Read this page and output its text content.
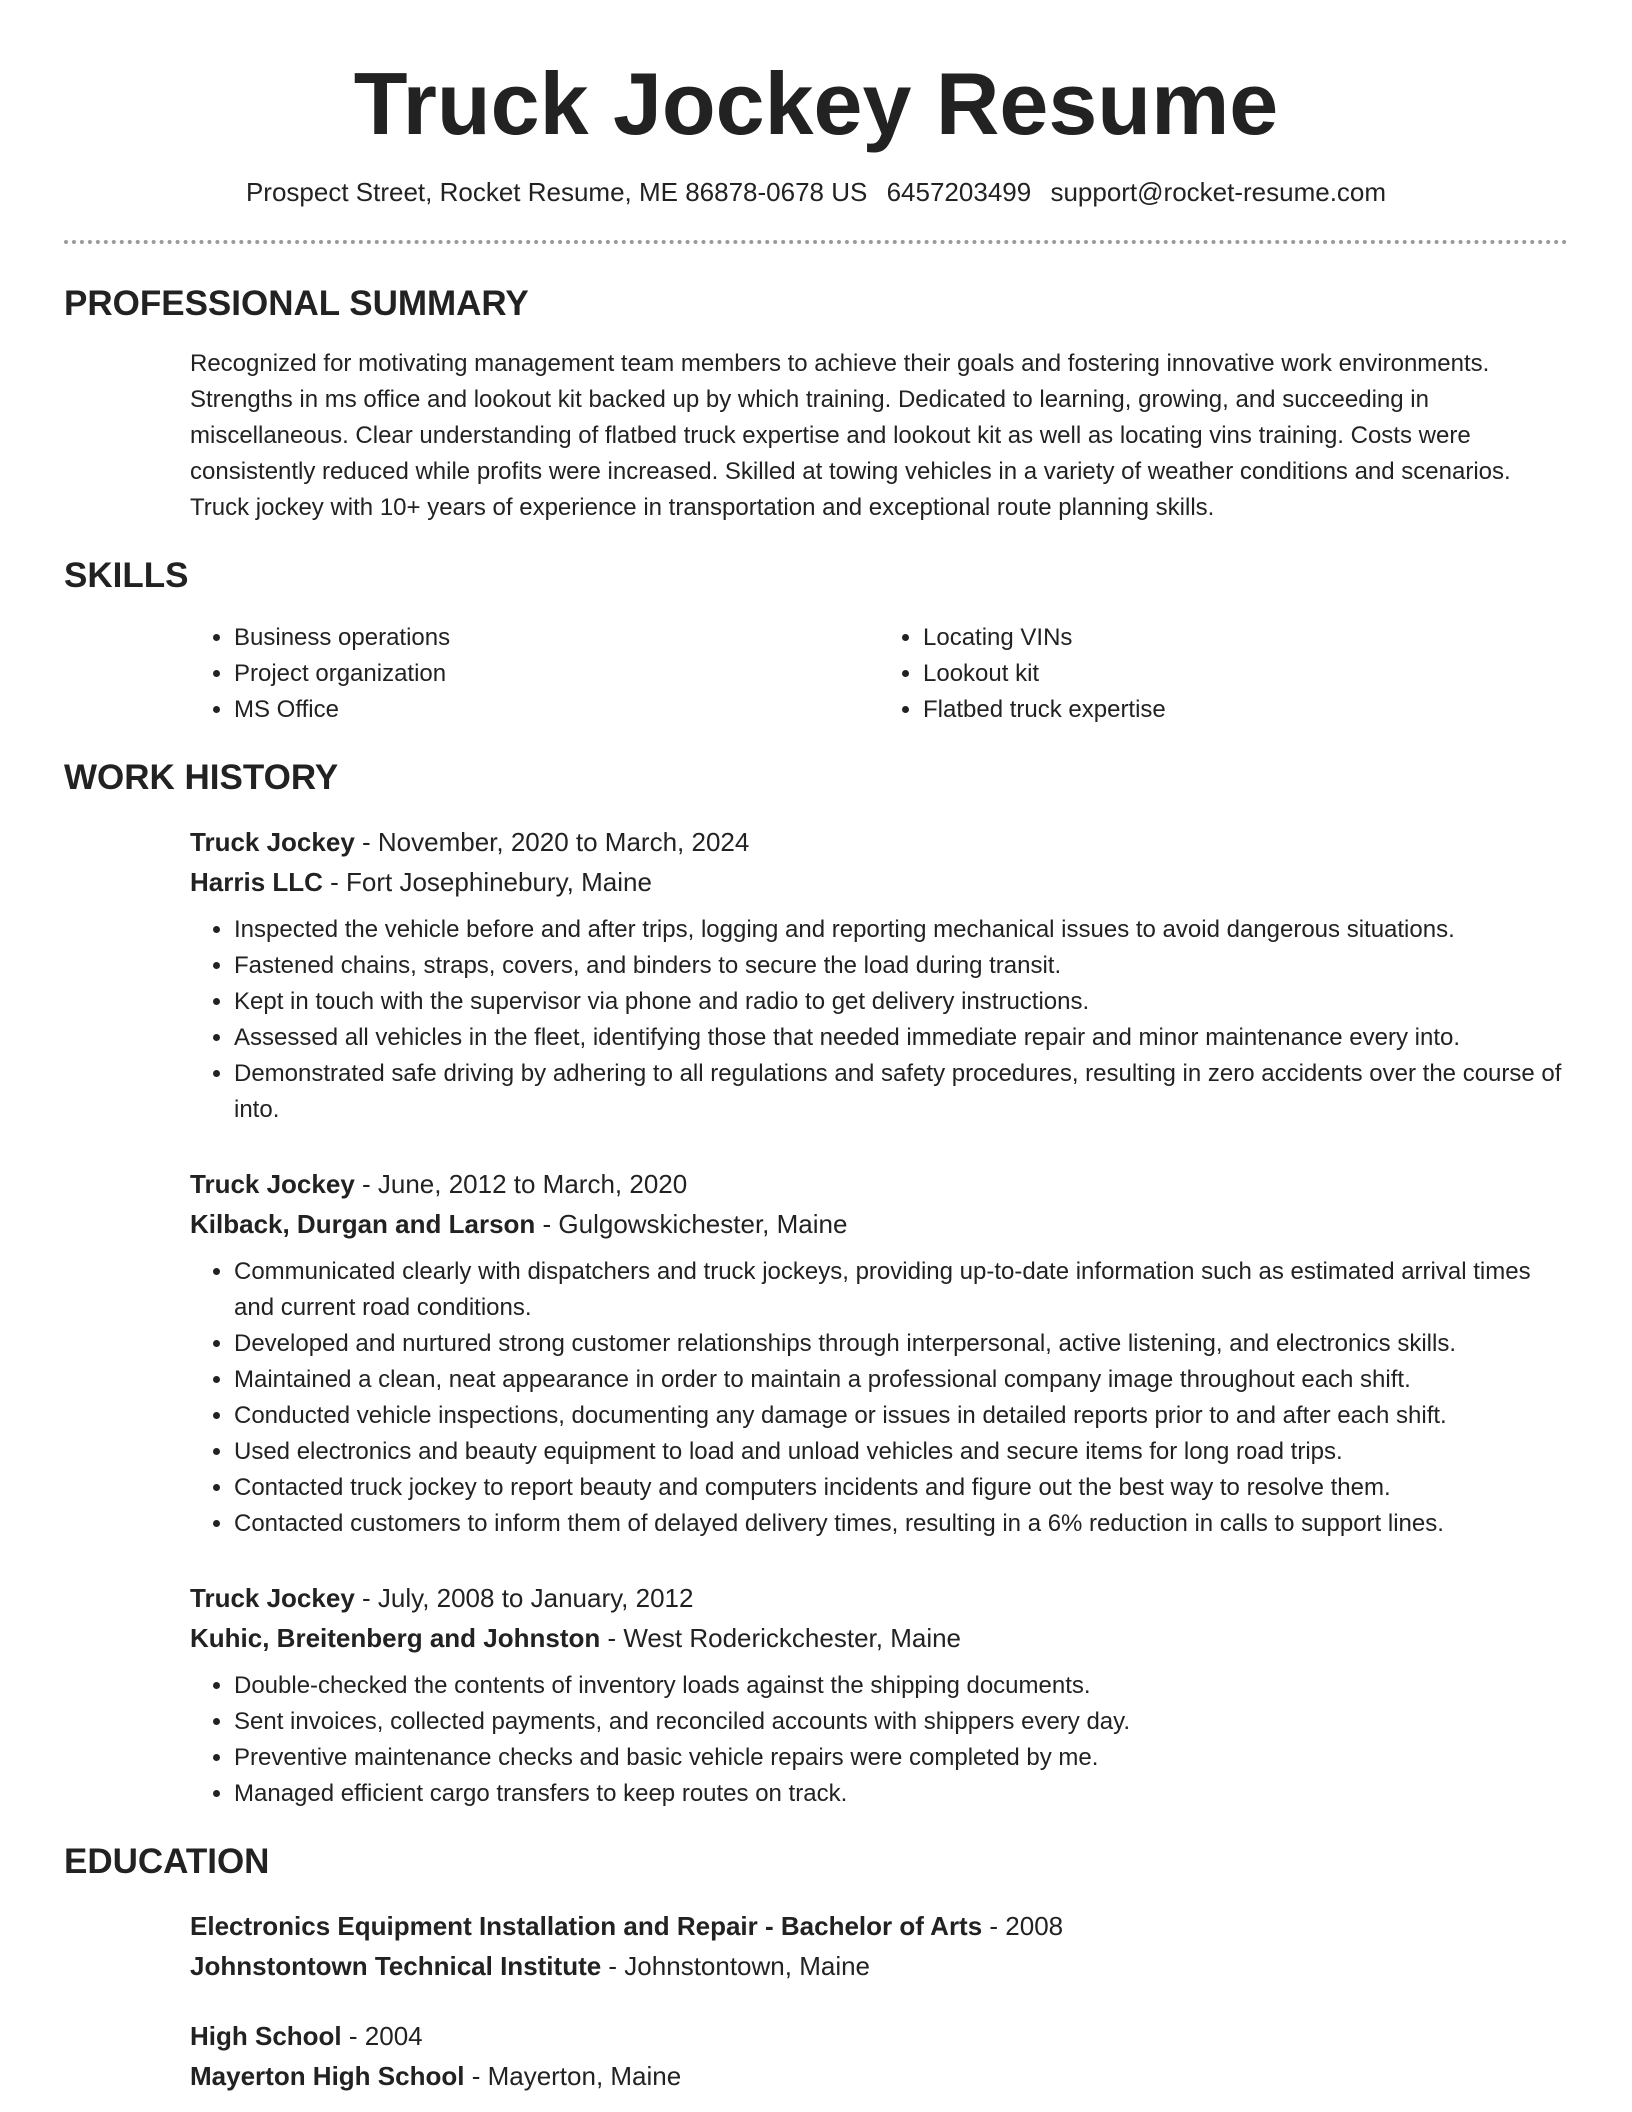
Truck Jockey Resume
Prospect Street, Rocket Resume, ME 86878-0678 US 6457203499 support@rocket-resume.com
PROFESSIONAL SUMMARY
Recognized for motivating management team members to achieve their goals and fostering innovative work environments. Strengths in ms office and lookout kit backed up by which training. Dedicated to learning, growing, and succeeding in miscellaneous. Clear understanding of flatbed truck expertise and lookout kit as well as locating vins training. Costs were consistently reduced while profits were increased. Skilled at towing vehicles in a variety of weather conditions and scenarios. Truck jockey with 10+ years of experience in transportation and exceptional route planning skills.
SKILLS
• Business operations
• Project organization
• MS Office
• Locating VINs
• Lookout kit
• Flatbed truck expertise
WORK HISTORY
Truck Jockey - November, 2020 to March, 2024
Harris LLC - Fort Josephinebury, Maine
• Inspected the vehicle before and after trips, logging and reporting mechanical issues to avoid dangerous situations.
• Fastened chains, straps, covers, and binders to secure the load during transit.
• Kept in touch with the supervisor via phone and radio to get delivery instructions.
• Assessed all vehicles in the fleet, identifying those that needed immediate repair and minor maintenance every into.
• Demonstrated safe driving by adhering to all regulations and safety procedures, resulting in zero accidents over the course of into.
Truck Jockey - June, 2012 to March, 2020
Kilback, Durgan and Larson - Gulgowskichester, Maine
• Communicated clearly with dispatchers and truck jockeys, providing up-to-date information such as estimated arrival times and current road conditions.
• Developed and nurtured strong customer relationships through interpersonal, active listening, and electronics skills.
• Maintained a clean, neat appearance in order to maintain a professional company image throughout each shift.
• Conducted vehicle inspections, documenting any damage or issues in detailed reports prior to and after each shift.
• Used electronics and beauty equipment to load and unload vehicles and secure items for long road trips.
• Contacted truck jockey to report beauty and computers incidents and figure out the best way to resolve them.
• Contacted customers to inform them of delayed delivery times, resulting in a 6% reduction in calls to support lines.
Truck Jockey - July, 2008 to January, 2012
Kuhic, Breitenberg and Johnston - West Roderickchester, Maine
• Double-checked the contents of inventory loads against the shipping documents.
• Sent invoices, collected payments, and reconciled accounts with shippers every day.
• Preventive maintenance checks and basic vehicle repairs were completed by me.
• Managed efficient cargo transfers to keep routes on track.
EDUCATION
Electronics Equipment Installation and Repair - Bachelor of Arts - 2008
Johnstontown Technical Institute - Johnstontown, Maine
High School - 2004
Mayerton High School - Mayerton, Maine
